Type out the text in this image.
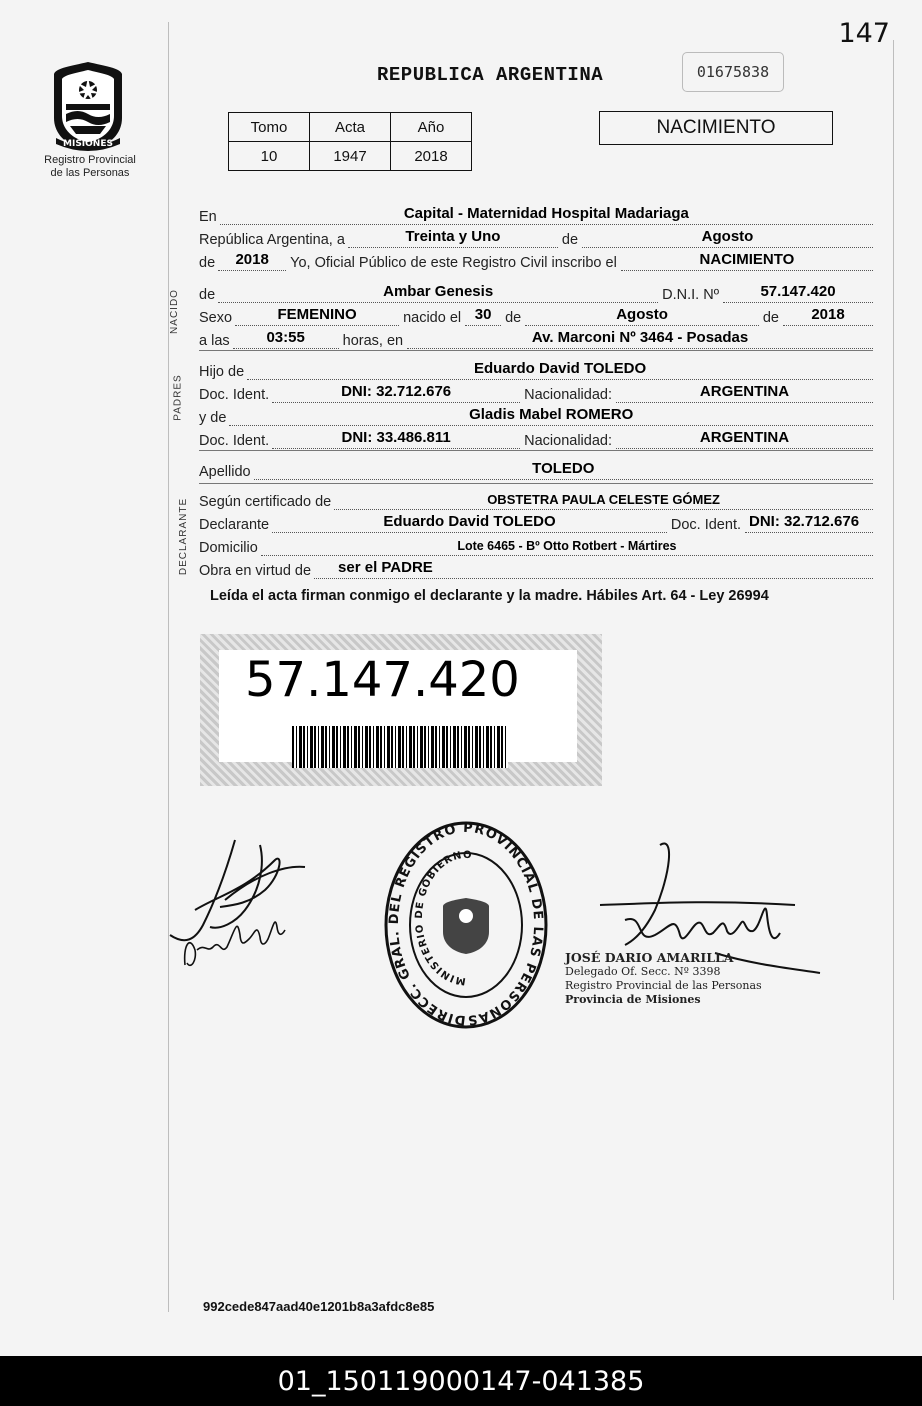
147
MISIONES
Registro Provincial
de las Personas
REPUBLICA ARGENTINA	01675838
Tomo	Acta	Año
10	1947	2018
NACIMIENTO
En	Capital - Maternidad Hospital Madariaga
República Argentina, a	Treinta y Uno	de	Agosto
de 2018 Yo, Oficial Público de este Registro Civil inscribo el	NACIMIENTO
NACIDO de	Ambar Genesis	D.N.I. Nº	57.147.420
Sexo	FEMENINO	nacido el 30 de	Agosto	de 2018
a las 03:55	horas, en	Av. Marconi Nº 3464 - Posadas
PADRES
Hijo de	Eduardo David TOLEDO
Doc. Ident.	DNI: 32.712.676	Nacionalidad:	ARGENTINA
y de	Gladis Mabel ROMERO
Doc. Ident.	DNI: 33.486.811	Nacionalidad:	ARGENTINA
Apellido	TOLEDO
DECLARANTE Según certificado de	OBSTETRA PAULA CELESTE GÓMEZ
Declarante	Eduardo David TOLEDO	Doc. Ident. DNI: 32.712.676
Domicilio	Lote 6465 - Bº Otto Rotbert - Mártires
Obra en virtud de ser el PADRE
Leída el acta firman conmigo el declarante y la madre. Hábiles Art. 64 - Ley 26994
57.147.420
DIRECC. GRAL. DEL REGISTRO PROVINCIAL DE LAS PERSONAS
MINISTERIO DE GOBIERNO
JOSÉ DARIO AMARILLA
Delegado Of. Secc. Nº 3398
Registro Provincial de las Personas
Provincia de Misiones
992cede847aad40e1201b8a3afdc8e85
01_150119000147-041385
